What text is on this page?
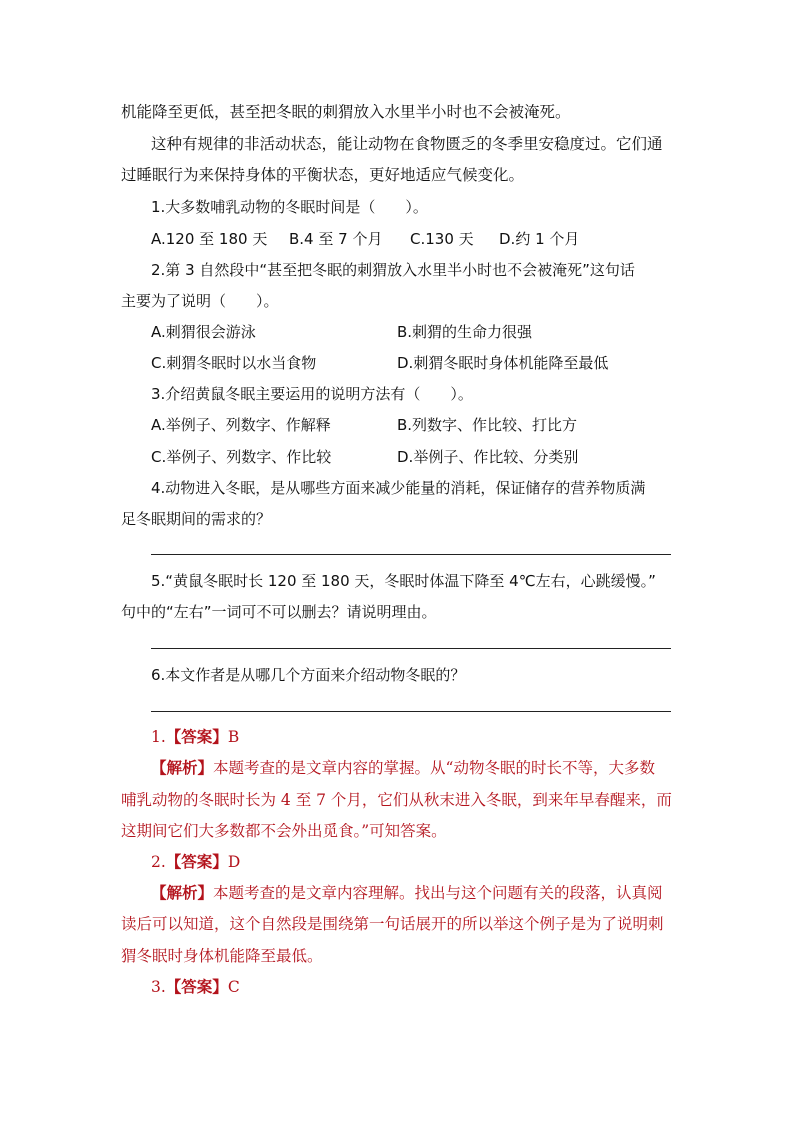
机能降至更低，甚至把冬眠的刺猬放入水里半小时也不会被淹死。
这种有规律的非活动状态，能让动物在食物匮乏的冬季里安稳度过。它们通
过睡眠行为来保持身体的平衡状态，更好地适应气候变化。
1.大多数哺乳动物的冬眠时间是（　　）。
A.120 至 180 天 B.4 至 7 个月 C.130 天 D.约 1 个月
2.第 3 自然段中“甚至把冬眠的刺猬放入水里半小时也不会被淹死”这句话
主要为了说明（　　）。
A.刺猬很会游泳	B.刺猬的生命力很强
C.刺猬冬眠时以水当食物	D.刺猬冬眠时身体机能降至最低
3.介绍黄鼠冬眠主要运用的说明方法有（　　）。
A.举例子、列数字、作解释	B.列数字、作比较、打比方
C.举例子、列数字、作比较	D.举例子、作比较、分类别
4.动物进入冬眠，是从哪些方面来减少能量的消耗，保证储存的营养物质满
足冬眠期间的需求的？
5.“黄鼠冬眠时长 120 至 180 天，冬眠时体温下降至 4℃左右，心跳缓慢。”
句中的“左右”一词可不可以删去？请说明理由。
6.本文作者是从哪几个方面来介绍动物冬眠的？
1.【答案】B
【解析】本题考查的是文章内容的掌握。从“动物冬眠的时长不等，大多数
哺乳动物的冬眠时长为 4 至 7 个月，它们从秋末进入冬眠，到来年早春醒来，而
这期间它们大多数都不会外出觅食。”可知答案。
2.【答案】D
【解析】本题考查的是文章内容理解。找出与这个问题有关的段落，认真阅
读后可以知道，这个自然段是围绕第一句话展开的所以举这个例子是为了说明刺
猬冬眠时身体机能降至最低。
3.【答案】C
